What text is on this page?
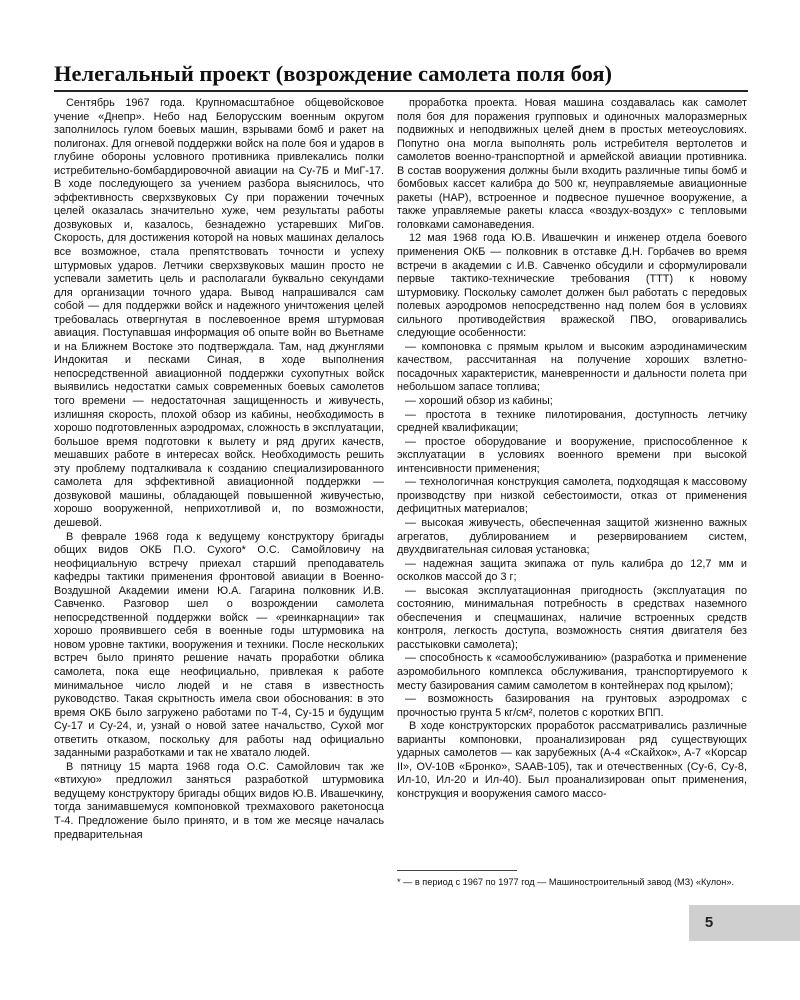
Нелегальный проект (возрождение самолета поля боя)

Сентябрь 1967 года. Крупномасштабное общевойсковое учение «Днепр». Небо над Белорусским военным округом заполнилось гулом боевых машин, взрывами бомб и ракет на полигонах. Для огневой поддержки войск на поле боя и ударов в глубине обороны условного противника привлекались полки истребительно-бомбардировочной авиации на Су-7Б и МиГ-17. В ходе последующего за учением разбора выяснилось, что эффективность сверхзвуковых Су при поражении точечных целей оказалась значительно хуже, чем результаты работы дозвуковых и, казалось, безнадежно устаревших МиГов. Скорость, для достижения которой на новых машинах делалось все возможное, стала препятствовать точности и успеху штурмовых ударов. Летчики сверхзвуковых машин просто не успевали заметить цель и располагали буквально секундами для организации точного удара. Вывод напрашивался сам собой — для поддержки войск и надежного уничтожения целей требовалась отвергнутая в послевоенное время штурмовая авиация. Поступавшая информация об опыте войн во Вьетнаме и на Ближнем Востоке это подтверждала. Там, над джунглями Индокитая и песками Синая, в ходе выполнения непосредственной авиационной поддержки сухопутных войск выявились недостатки самых современных боевых самолетов того времени — недостаточная защищенность и живучесть, излишняя скорость, плохой обзор из кабины, необходимость в хорошо подготовленных аэродромах, сложность в эксплуатации, большое время подготовки к вылету и ряд других качеств, мешавших работе в интересах войск. Необходимость решить эту проблему подталкивала к созданию специализированного самолета для эффективной авиационной поддержки — дозвуковой машины, обладающей повышенной живучестью, хорошо вооруженной, неприхотливой и, по возможности, дешевой.

В феврале 1968 года к ведущему конструктору бригады общих видов ОКБ П.О. Сухого* О.С. Самойловичу на неофициальную встречу приехал старший преподаватель кафедры тактики применения фронтовой авиации в Военно-Воздушной Академии имени Ю.А. Гагарина полковник И.В. Савченко. Разговор шел о возрождении самолета непосредственной поддержки войск — «реинкарнации» так хорошо проявившего себя в военные годы штурмовика на новом уровне тактики, вооружения и техники. После нескольких встреч было принято решение начать проработки облика самолета, пока еще неофициально, привлекая к работе минимальное число людей и не ставя в известность руководство. Такая скрытность имела свои обоснования: в это время ОКБ было загружено работами по Т-4, Су-15 и будущим Су-17 и Су-24, и, узнай о новой затее начальство, Сухой мог ответить отказом, поскольку для работы над официально заданными разработками и так не хватало людей.

В пятницу 15 марта 1968 года О.С. Самойлович так же «втихую» предложил заняться разработкой штурмовика ведущему конструктору бригады общих видов Ю.В. Ивашечкину, тогда занимавшемуся компоновкой трехмахового ракетоносца Т-4. Предложение было принято, и в том же месяце началась предварительная

проработка проекта. Новая машина создавалась как самолет поля боя для поражения групповых и одиночных малоразмерных подвижных и неподвижных целей днем в простых метеоусловиях. Попутно она могла выполнять роль истребителя вертолетов и самолетов военно-транспортной и армейской авиации противника. В состав вооружения должны были входить различные типы бомб и бомбовых кассет калибра до 500 кг, неуправляемые авиационные ракеты (НАР), встроенное и подвесное пушечное вооружение, а также управляемые ракеты класса «воздух-воздух» с тепловыми головками самонаведения.

12 мая 1968 года Ю.В. Ивашечкин и инженер отдела боевого применения ОКБ — полковник в отставке Д.Н. Горбачев во время встречи в академии с И.В. Савченко обсудили и сформулировали первые тактико-технические требования (ТТТ) к новому штурмовику. Поскольку самолет должен был работать с передовых полевых аэродромов непосредственно над полем боя в условиях сильного противодействия вражеской ПВО, оговаривались следующие особенности:

— компоновка с прямым крылом и высоким аэродинамическим качеством, рассчитанная на получение хороших взлетно-посадочных характеристик, маневренности и дальности полета при небольшом запасе топлива;

— хороший обзор из кабины;

— простота в технике пилотирования, доступность летчику средней квалификации;

— простое оборудование и вооружение, приспособленное к эксплуатации в условиях военного времени при высокой интенсивности применения;

— технологичная конструкция самолета, подходящая к массовому производству при низкой себестоимости, отказ от применения дефицитных материалов;

— высокая живучесть, обеспеченная защитой жизненно важных агрегатов, дублированием и резервированием систем, двухдвигательная силовая установка;

— надежная защита экипажа от пуль калибра до 12,7 мм и осколков массой до 3 г;

— высокая эксплуатационная пригодность (эксплуатация по состоянию, минимальная потребность в средствах наземного обеспечения и спецмашинах, наличие встроенных средств контроля, легкость доступа, возможность снятия двигателя без расстыковки самолета);

— способность к «самообслуживанию» (разработка и применение аэромобильного комплекса обслуживания, транспортируемого к месту базирования самим самолетом в контейнерах под крылом);

— возможность базирования на грунтовых аэродромах с прочностью грунта 5 кг/см², полетов с коротких ВПП.

В ходе конструкторских проработок рассматривались различные варианты компоновки, проанализирован ряд существующих ударных самолетов — как зарубежных (А-4 «Скайхок», А-7 «Корсар II», OV-10В «Бронко», SAAB-105), так и отечественных (Су-6, Су-8, Ил-10, Ил-20 и Ил-40). Был проанализирован опыт применения, конструкция и вооружения самого массо-

* — в период с 1967 по 1977 год — Машиностроительный завод (МЗ) «Кулон».
5
